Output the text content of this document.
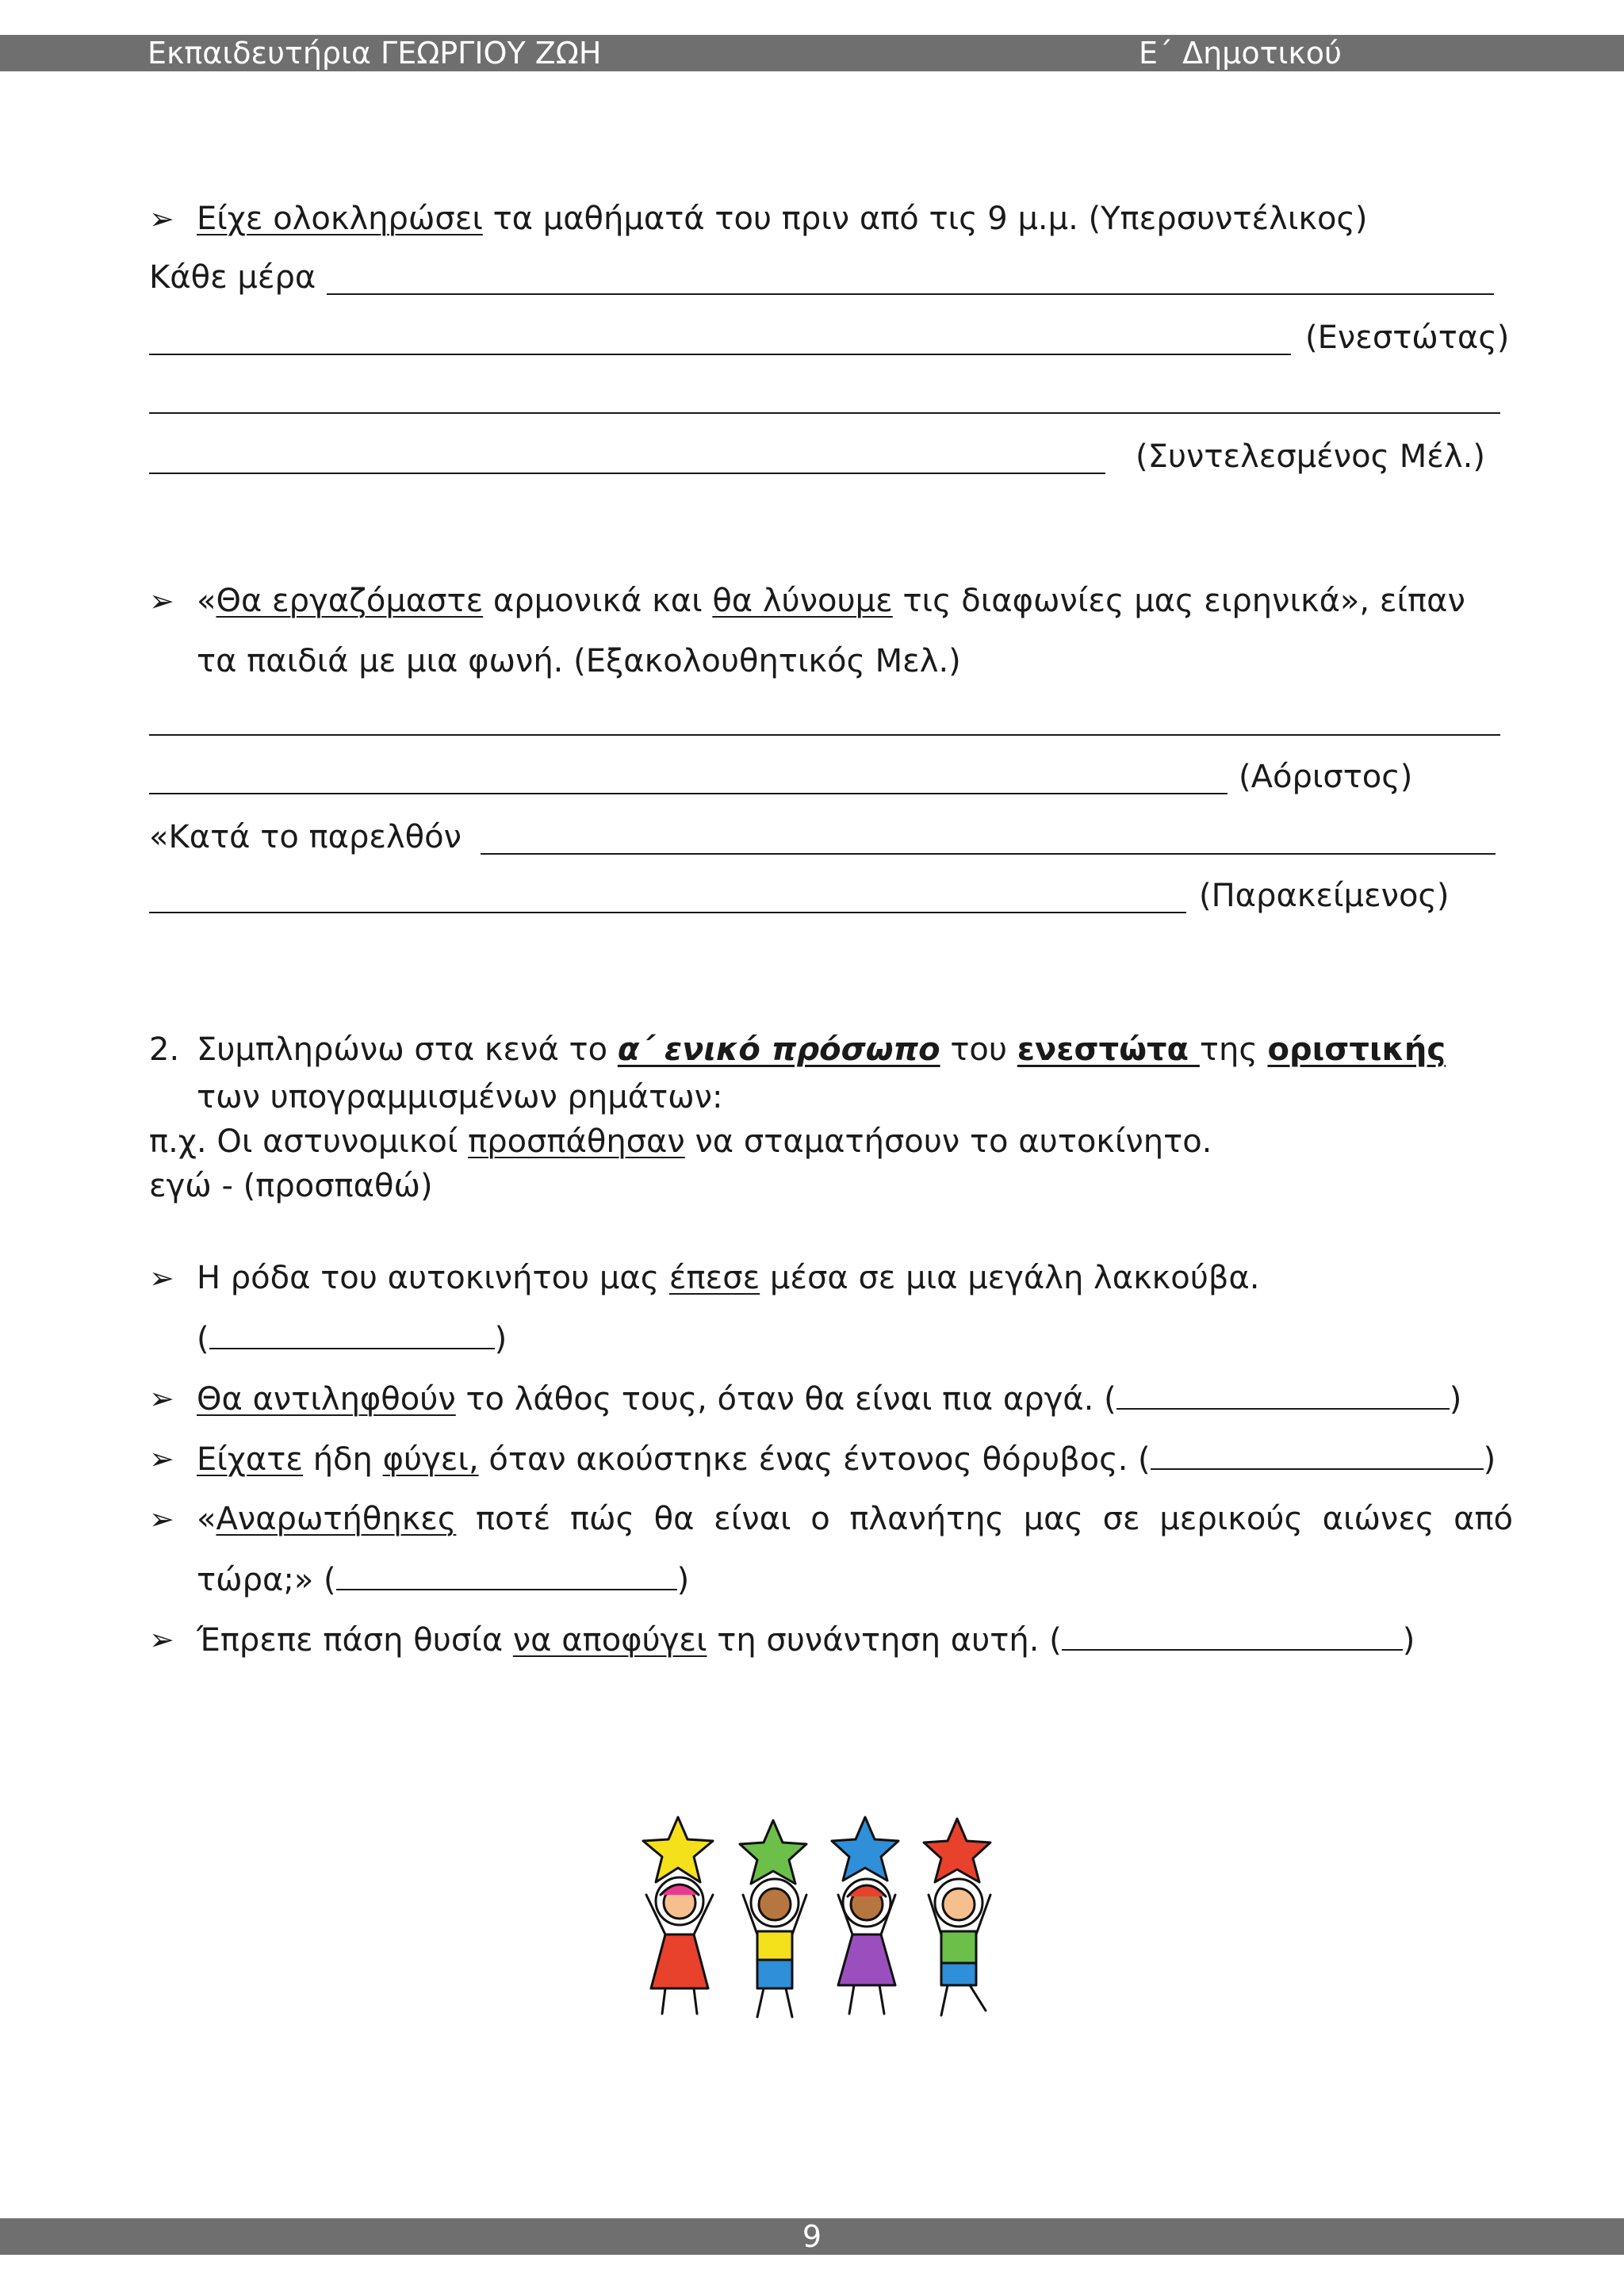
Εκπαιδευτήρια ΓΕΩΡΓΙΟΥ ΖΩΗ	Ε΄ Δημοτικού
➢ Είχε ολοκληρώσει τα μαθήματά του πριν από τις 9 μ.μ. (Υπερσυντέλικος)
Κάθε μέρα
(Ενεστώτας)
(Συντελεσμένος Μέλ.)
➢ «Θα εργαζόμαστε αρμονικά και θα λύνουμε τις διαφωνίες μας ειρηνικά», είπαν
τα παιδιά με μια φωνή. (Εξακολουθητικός Μελ.)
(Αόριστος)
«Κατά το παρελθόν
(Παρακείμενος)
2. Συμπληρώνω στα κενά το α΄ ενικό πρόσωπο του ενεστώτα της οριστικής
των υπογραμμισμένων ρημάτων:
π.χ. Οι αστυνομικοί προσπάθησαν να σταματήσουν το αυτοκίνητο.
εγώ - (προσπαθώ)
➢ Η ρόδα του αυτοκινήτου μας έπεσε μέσα σε μια μεγάλη λακκούβα.
(	)
➢ Θα αντιληφθούν το λάθος τους, όταν θα είναι πια αργά. (	)
➢ Είχατε ήδη φύγει, όταν ακούστηκε ένας έντονος θόρυβος. (	)
➢ «Αναρωτήθηκες ποτέ πώς θα είναι ο πλανήτης μας σε μερικούς αιώνες από
τώρα;» (	)
➢ Έπρεπε πάση θυσία να αποφύγει τη συνάντηση αυτή. (	)
9
